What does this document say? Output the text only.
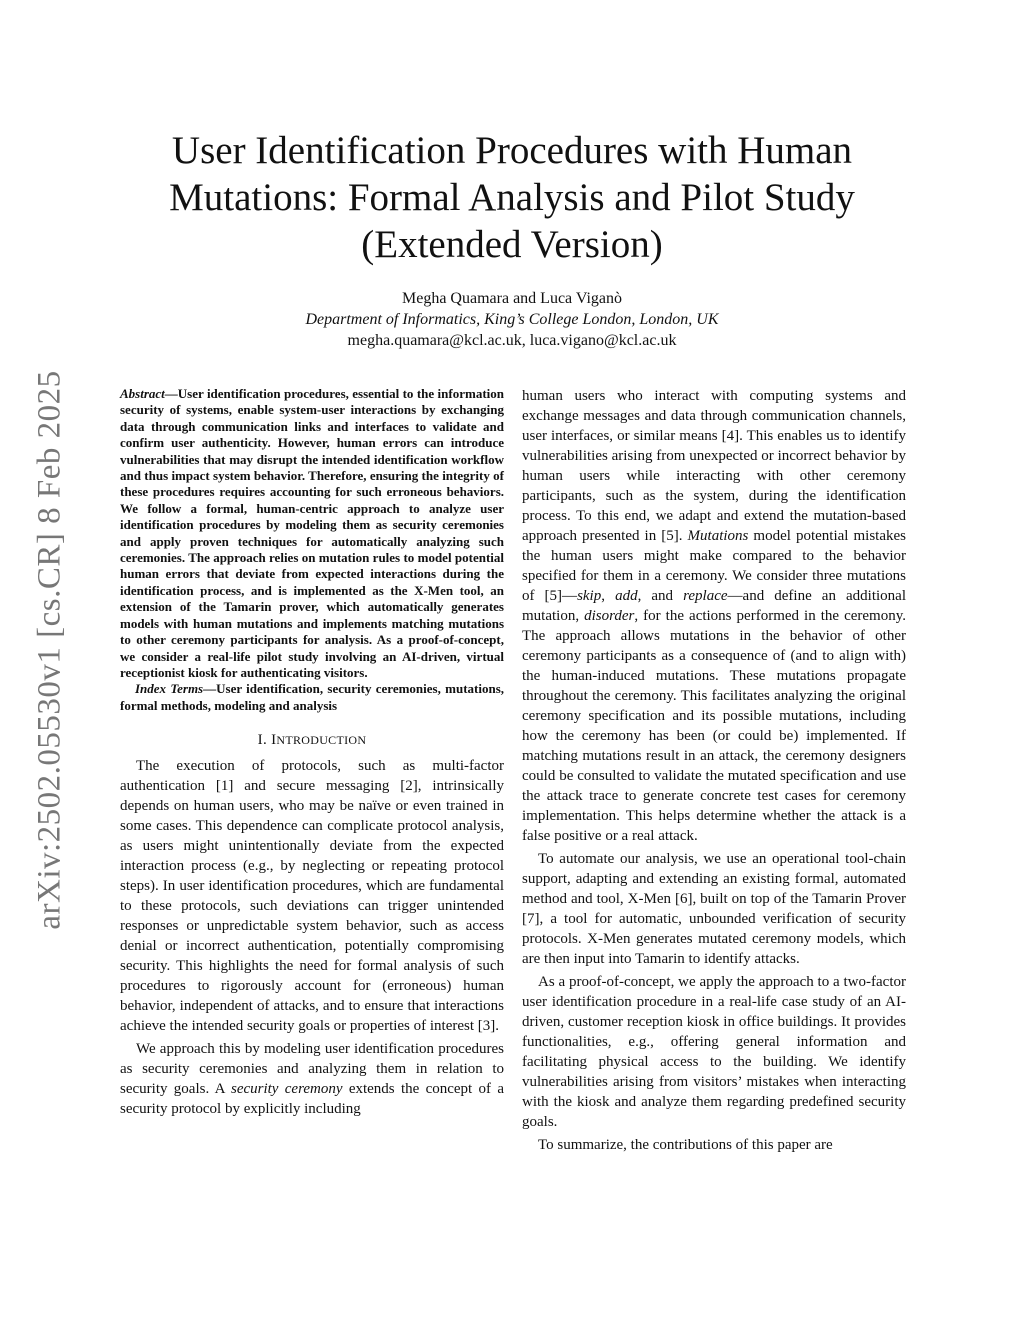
arXiv:2502.05530v1 [cs.CR] 8 Feb 2025
User Identification Procedures with Human
Mutations: Formal Analysis and Pilot Study
(Extended Version)
Megha Quamara and Luca Viganò
Department of Informatics, King’s College London, London, UK
megha.quamara@kcl.ac.uk, luca.vigano@kcl.ac.uk

Abstract—User identification procedures, essential to the information security of systems, enable system-user interactions by exchanging data through communication links and interfaces to validate and confirm user authenticity. However, human errors can introduce vulnerabilities that may disrupt the intended identification workflow and thus impact system behavior. Therefore, ensuring the integrity of these procedures requires accounting for such erroneous behaviors. We follow a formal, human-centric approach to analyze user identification procedures by modeling them as security ceremonies and apply proven techniques for automatically analyzing such ceremonies. The approach relies on mutation rules to model potential human errors that deviate from expected interactions during the identification process, and is implemented as the X-Men tool, an extension of the Tamarin prover, which automatically generates models with human mutations and implements matching mutations to other ceremony participants for analysis. As a proof-of-concept, we consider a real-life pilot study involving an AI-driven, virtual receptionist kiosk for authenticating visitors.

Index Terms—User identification, security ceremonies, mutations, formal methods, modeling and analysis

I. INTRODUCTION

The execution of protocols, such as multi-factor authentication [1] and secure messaging [2], intrinsically depends on human users, who may be naïve or even trained in some cases. This dependence can complicate protocol analysis, as users might unintentionally deviate from the expected interaction process (e.g., by neglecting or repeating protocol steps). In user identification procedures, which are fundamental to these protocols, such deviations can trigger unintended responses or unpredictable system behavior, such as access denial or incorrect authentication, potentially compromising security. This highlights the need for formal analysis of such procedures to rigorously account for (erroneous) human behavior, independent of attacks, and to ensure that interactions achieve the intended security goals or properties of interest [3].

We approach this by modeling user identification procedures as security ceremonies and analyzing them in relation to security goals. A security ceremony extends the concept of a security protocol by explicitly including

human users who interact with computing systems and exchange messages and data through communication channels, user interfaces, or similar means [4]. This enables us to identify vulnerabilities arising from unexpected or incorrect behavior by human users while interacting with other ceremony participants, such as the system, during the identification process. To this end, we adapt and extend the mutation-based approach presented in [5]. Mutations model potential mistakes the human users might make compared to the behavior specified for them in a ceremony. We consider three mutations of [5]—skip, add, and replace—and define an additional mutation, disorder, for the actions performed in the ceremony. The approach allows mutations in the behavior of other ceremony participants as a consequence of (and to align with) the human-induced mutations. These mutations propagate throughout the ceremony. This facilitates analyzing the original ceremony specification and its possible mutations, including how the ceremony has been (or could be) implemented. If matching mutations result in an attack, the ceremony designers could be consulted to validate the mutated specification and use the attack trace to generate concrete test cases for ceremony implementation. This helps determine whether the attack is a false positive or a real attack.

To automate our analysis, we use an operational tool-chain support, adapting and extending an existing formal, automated method and tool, X-Men [6], built on top of the Tamarin Prover [7], a tool for automatic, unbounded verification of security protocols. X-Men generates mutated ceremony models, which are then input into Tamarin to identify attacks.

As a proof-of-concept, we apply the approach to a two-factor user identification procedure in a real-life case study of an AI-driven, customer reception kiosk in office buildings. It provides functionalities, e.g., offering general information and facilitating physical access to the building. We identify vulnerabilities arising from visitors’ mistakes when interacting with the kiosk and analyze them regarding predefined security goals.

To summarize, the contributions of this paper are
